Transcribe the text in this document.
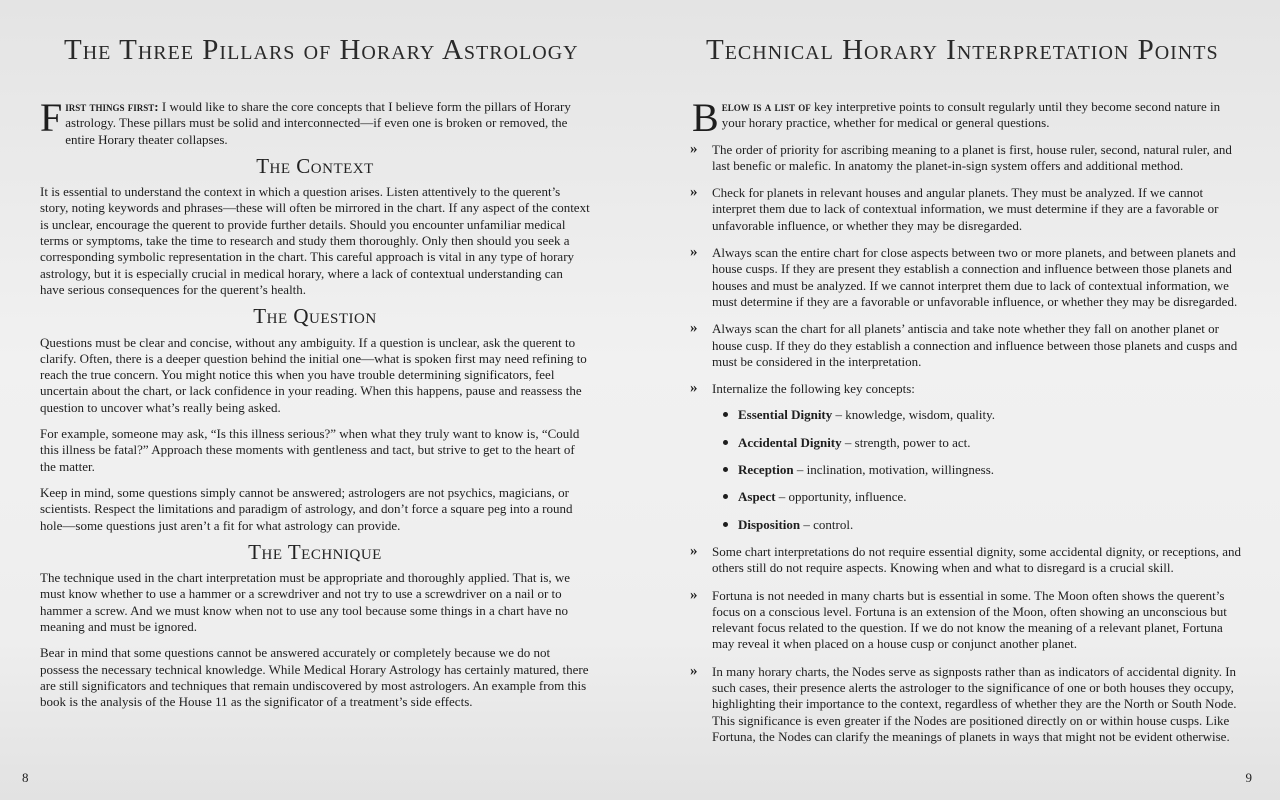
The Three Pillars of Horary Astrology

First things first: I would like to share the core concepts that I believe form the pillars of Horary astrology. These pillars must be solid and interconnected—if even one is broken or removed, the entire Horary theater collapses.

The Context

It is essential to understand the context in which a question arises. Listen attentively to the querent’s story, noting keywords and phrases—these will often be mirrored in the chart. If any aspect of the context is unclear, encourage the querent to provide further details. Should you encounter unfamiliar medical terms or symptoms, take the time to research and study them thoroughly. Only then should you seek a corresponding symbolic representation in the chart. This careful approach is vital in any type of horary astrology, but it is especially crucial in medical horary, where a lack of contextual understanding can have serious consequences for the querent’s health.

The Question

Questions must be clear and concise, without any ambiguity. If a question is unclear, ask the querent to clarify. Often, there is a deeper question behind the initial one—what is spoken first may need refining to reach the true concern. You might notice this when you have trouble determining significators, feel uncertain about the chart, or lack confidence in your reading. When this happens, pause and reassess the question to uncover what’s really being asked.

For example, someone may ask, “Is this illness serious?” when what they truly want to know is, “Could this illness be fatal?” Approach these moments with gentleness and tact, but strive to get to the heart of the matter.

Keep in mind, some questions simply cannot be answered; astrologers are not psychics, magicians, or scientists. Respect the limitations and paradigm of astrology, and don’t force a square peg into a round hole—some questions just aren’t a fit for what astrology can provide.

The Technique

The technique used in the chart interpretation must be appropriate and thoroughly applied. That is, we must know whether to use a hammer or a screwdriver and not try to use a screwdriver on a nail or to hammer a screw. And we must know when not to use any tool because some things in a chart have no meaning and must be ignored.

Bear in mind that some questions cannot be answered accurately or completely because we do not possess the necessary technical knowledge. While Medical Horary Astrology has certainly matured, there are still significators and techniques that remain undiscovered by most astrologers. An example from this book is the analysis of the House 11 as the significator of a treatment’s side effects.

8
Technical Horary Interpretation Points

Below is a list of key interpretive points to consult regularly until they become second nature in your horary practice, whether for medical or general questions.

» The order of priority for ascribing meaning to a planet is first, house ruler, second, natural ruler, and last benefic or malefic. In anatomy the planet-in-sign system offers and additional method.
» Check for planets in relevant houses and angular planets. They must be analyzed. If we cannot interpret them due to lack of contextual information, we must determine if they are a favorable or unfavorable influence, or whether they may be disregarded.
» Always scan the entire chart for close aspects between two or more planets, and between planets and house cusps. If they are present they establish a connection and influence between those planets and houses and must be analyzed. If we cannot interpret them due to lack of contextual information, we must determine if they are a favorable or unfavorable influence, or whether they may be disregarded.
» Always scan the chart for all planets’ antiscia and take note whether they fall on another planet or house cusp. If they do they establish a connection and influence between those planets and cusps and must be considered in the interpretation.
» Internalize the following key concepts:
Essential Dignity – knowledge, wisdom, quality.
Accidental Dignity – strength, power to act.
Reception – inclination, motivation, willingness.
Aspect – opportunity, influence.
Disposition – control.
» Some chart interpretations do not require essential dignity, some accidental dignity, or receptions, and others still do not require aspects. Knowing when and what to disregard is a crucial skill.
» Fortuna is not needed in many charts but is essential in some. The Moon often shows the querent’s focus on a conscious level. Fortuna is an extension of the Moon, often showing an unconscious but relevant focus related to the question. If we do not know the meaning of a relevant planet, Fortuna may reveal it when placed on a house cusp or conjunct another planet.
» In many horary charts, the Nodes serve as signposts rather than as indicators of accidental dignity. In such cases, their presence alerts the astrologer to the significance of one or both houses they occupy, highlighting their importance to the context, regardless of whether they are the North or South Node. This significance is even greater if the Nodes are positioned directly on or within house cusps. Like Fortuna, the Nodes can clarify the meanings of planets in ways that might not be evident otherwise.
9
